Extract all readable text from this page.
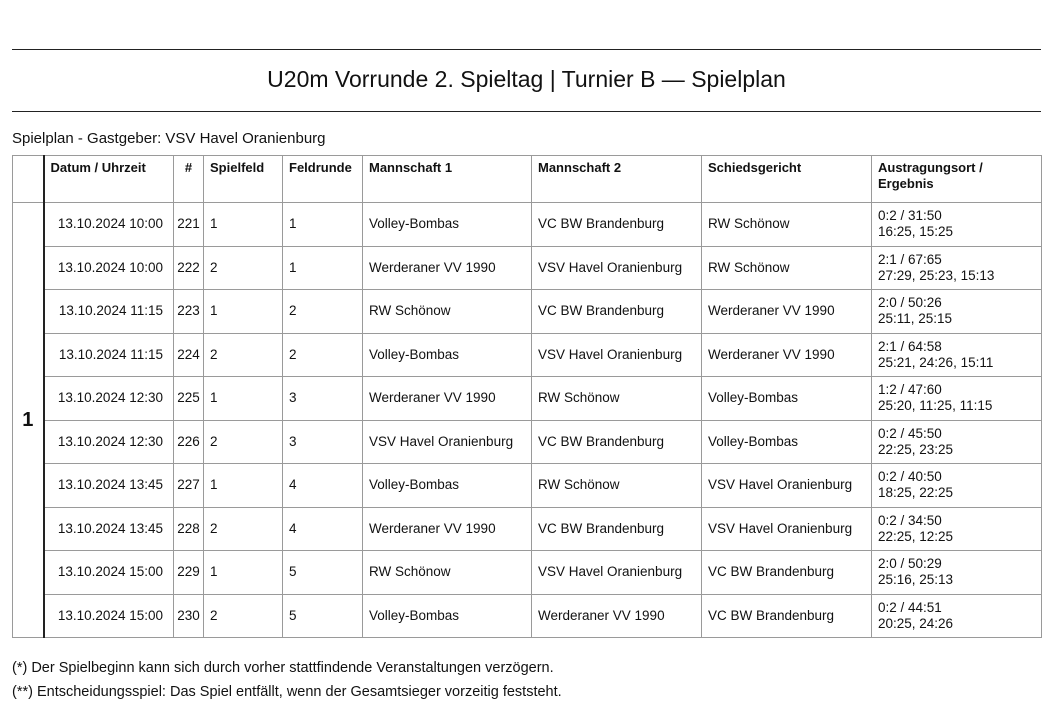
U20m Vorrunde 2. Spieltag | Turnier B — Spielplan
Spielplan - Gastgeber: VSV Havel Oranienburg
	Datum / Uhrzeit	#	Spielfeld	Feldrunde	Mannschaft 1	Mannschaft 2	Schiedsgericht	Austragungsort /
Ergebnis

1	13.10.2024 10:00	221	1	1	Volley-Bombas	VC BW Brandenburg	RW Schönow	0:2 / 31:50
16:25, 15:25

	13.10.2024 10:00	222	2	1	Werderaner VV 1990	VSV Havel Oranienburg	RW Schönow	2:1 / 67:65
27:29, 25:23, 15:13

	13.10.2024 11:15	223	1	2	RW Schönow	VC BW Brandenburg	Werderaner VV 1990	2:0 / 50:26
25:11, 25:15

	13.10.2024 11:15	224	2	2	Volley-Bombas	VSV Havel Oranienburg	Werderaner VV 1990	2:1 / 64:58
25:21, 24:26, 15:11

	13.10.2024 12:30	225	1	3	Werderaner VV 1990	RW Schönow	Volley-Bombas	1:2 / 47:60
25:20, 11:25, 11:15

	13.10.2024 12:30	226	2	3	VSV Havel Oranienburg	VC BW Brandenburg	Volley-Bombas	0:2 / 45:50
22:25, 23:25

	13.10.2024 13:45	227	1	4	Volley-Bombas	RW Schönow	VSV Havel Oranienburg	0:2 / 40:50
18:25, 22:25

	13.10.2024 13:45	228	2	4	Werderaner VV 1990	VC BW Brandenburg	VSV Havel Oranienburg	0:2 / 34:50
22:25, 12:25

	13.10.2024 15:00	229	1	5	RW Schönow	VSV Havel Oranienburg	VC BW Brandenburg	2:0 / 50:29
25:16, 25:13

	13.10.2024 15:00	230	2	5	Volley-Bombas	Werderaner VV 1990	VC BW Brandenburg	0:2 / 44:51
20:25, 24:26
(*) Der Spielbeginn kann sich durch vorher stattfindende Veranstaltungen verzögern.
(**) Entscheidungsspiel: Das Spiel entfällt, wenn der Gesamtsieger vorzeitig feststeht.
